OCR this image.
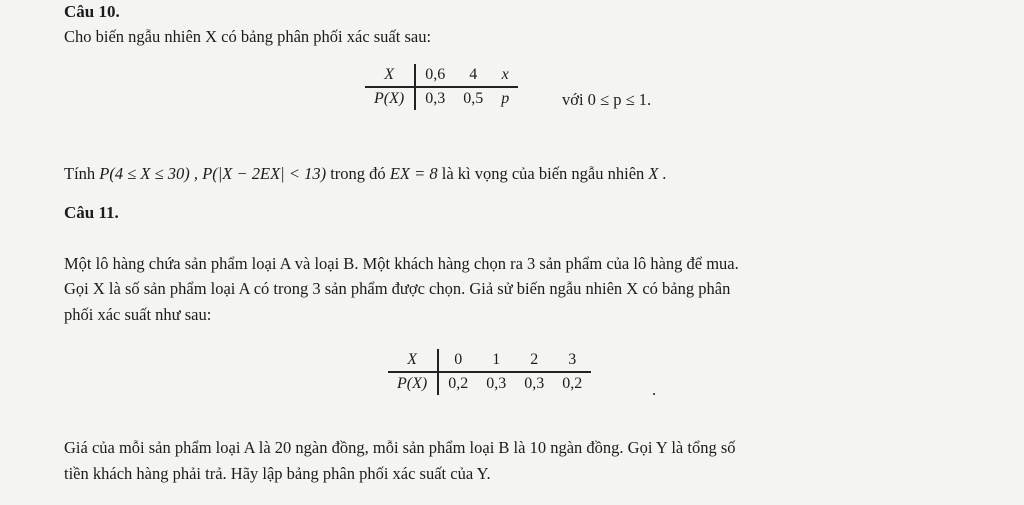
Câu 10.
Cho biến ngẫu nhiên X có bảng phân phối xác suất sau:
X	0,6	4	x
P(X)	0,3	0,5	p	với 0 ≤ p ≤ 1.
Tính P(4 ≤ X ≤ 30) , P(|X − 2EX| < 13) trong đó EX = 8 là kì vọng của biến ngẫu nhiên X .
Câu 11.
Một lô hàng chứa sản phẩm loại A và loại B. Một khách hàng chọn ra 3 sản phẩm của lô hàng để mua.
Gọi X là số sản phẩm loại A có trong 3 sản phẩm được chọn. Giả sử biến ngẫu nhiên X có bảng phân
phối xác suất như sau:
X	0	1	2	3
P(X)	0,2	0,3	0,3	0,2	.
Giá của mỗi sản phẩm loại A là 20 ngàn đồng, mỗi sản phẩm loại B là 10 ngàn đồng. Gọi Y là tổng số
tiền khách hàng phải trả. Hãy lập bảng phân phối xác suất của Y.
